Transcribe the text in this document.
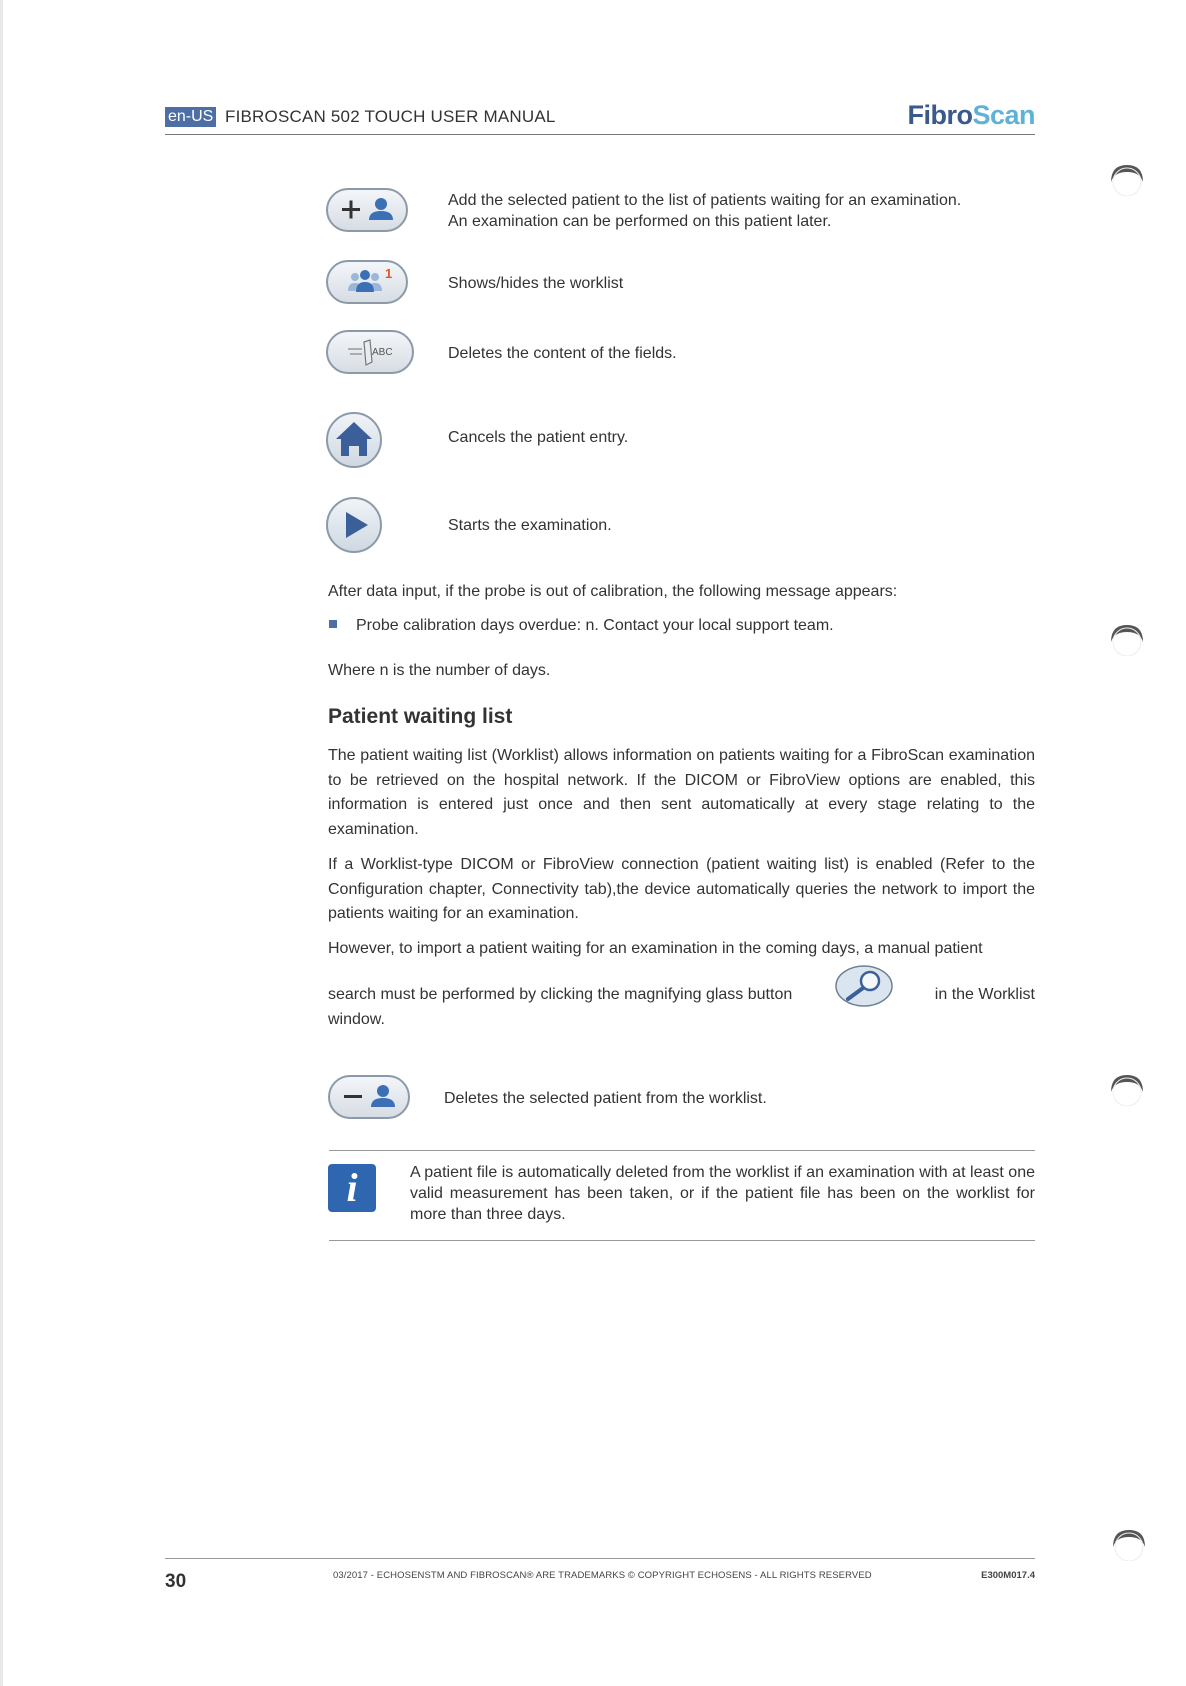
en-US FIBROSCAN 502 TOUCH USER MANUAL	FibroScan
Add the selected patient to the list of patients waiting for an examination.
An examination can be performed on this patient later.
1
Shows/hides the worklist
ABC	Deletes the content of the fields.
Cancels the patient entry.
Starts the examination.

After data input, if the probe is out of calibration, the following message appears:

Probe calibration days overdue: n. Contact your local support team.

Where n is the number of days.

Patient waiting list

The patient waiting list (Worklist) allows information on patients waiting for a FibroScan examination to be retrieved on the hospital network. If the DICOM or FibroView options are enabled, this information is entered just once and then sent automatically at every stage relating to the examination.

If a Worklist-type DICOM or FibroView connection (patient waiting list) is enabled (Refer to the Configuration chapter, Connectivity tab),the device automatically queries the network to import the patients waiting for an examination.

However, to import a patient waiting for an examination in the coming days, a manual patient
search must be performed by clicking the magnifying glass button	in the Worklist
window.

Deletes the selected patient from the worklist.
i	A patient file is automatically deleted from the worklist if an examination with at least one valid measurement has been taken, or if the patient file has been on the worklist for more than three days.

30	03/2017 - ECHOSENSTM AND FIBROSCAN® ARE TRADEMARKS © COPYRIGHT ECHOSENS - ALL RIGHTS RESERVED	E300M017.4
